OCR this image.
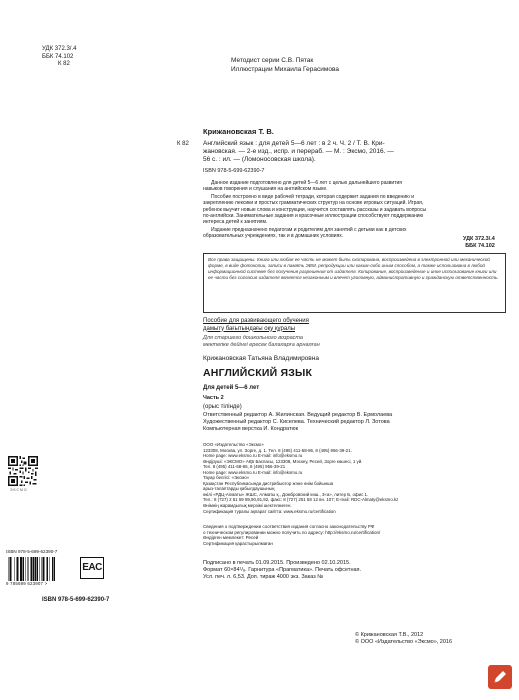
УДК 372.3/.4
ББК 74.102
К 82	Методист серии С.В. Пятак
Иллюстрации Михаила Герасимова
К 82
Крижановская Т. В.
Английский язык : для детей 5—6 лет : в 2 ч. Ч. 2 / Т. В. Кри-
жановская. — 2-е изд., испр. и перераб. — М. : Эксмо, 2016. —
56 с. : ил. — (Ломоносовская школа).
ISBN 978-5-699-62390-7
Данное издание подготовлено для детей 5—6 лет с целью дальнейшего развития
навыков говорения и слушания на английском языке.
Пособие построено в виде рабочей тетради, которая содержит задания по введению и
закреплению лексики и простых грамматических структур на основе игровых ситуаций. Играя,
ребенок выучит новые слова и конструкции, научится составлять рассказы и задавать вопросы
по-английски. Занимательные задания и красочные иллюстрации способствуют поддержанию
интереса детей к занятиям.
Издание предназначено педагогам и родителям для занятий с детьми как в детских
образовательных учреждениях, так и в домашних условиях.	УДК 372.3/.4
ББК 74.102
Все права защищены. Книга или любая ее часть не может быть скопирована, воспроизведена в электронной или механической форме, в виде фотокопии, записи в память ЭВМ, репродукции или каким-либо иным способом, а также использована в любой информационной системе без получения разрешения от издателя. Копирование, воспроизведение и иное использование книги или ее части без согласия издателя является незаконным и влечет уголовную, административную и гражданскую ответственность.
Пособие для развивающего обучения
дамыту бағытындағы оқу құралы
Для старшего дошкольного возраста
мектепке дейінгі ересек балаларға арналған
Крижановская Татьяна Владимировна
АНГЛИЙСКИЙ ЯЗЫК
Для детей 5—6 лет
Часть 2
(орыс тілінде)
Ответственный редактор А. Жилинская. Ведущий редактор В. Ермолаева
Художественный редактор С. Киселева. Технический редактор Л. Зотова
Компьютерная верстка И. Кондратюк
ООО «Издательство «Эксмо»
123308, Москва, ул. Зорге, д. 1. Тел. 8 (495) 411-68-86, 8 (495) 956-39-21.
Home page: www.eksmo.ru E-mail: info@eksmo.ru
Өндіруші: «ЭКСМО» АҚБ Баспасы, 123308, Мәскеу, Ресей, Зорге көшесі, 1 үй.
Тел. 8 (495) 411-68-86, 8 (495) 956-39-21
Home page: www.eksmo.ru E-mail: info@eksmo.ru
Тауар белгісі: «Эксмо»
Қазақстан Республикасында дистрибьютор және өнім бойынша
арыз-талаптарды қабылдаушының
өкілі «РДЦ-Алматы» ЖШС, Алматы қ., Домбровский көш., 3«а», литер Б, офис 1.
Тел.: 8 (727) 2 51 59 89,90,91,92, факс: 8 (727) 251 58 12 вн. 107; E-mail: RDC-Almaty@eksmo.kz
Өнімнің жарамдылық мерзімі шектелмеген.
Сертификация туралы ақпарат сайтта: www.eksmo.ru/certification
Сведения о подтверждении соответствия издания согласно законодательству РФ
о техническом регулировании можно получить по адресу: http://eksmo.ru/certification/
Өндірген мемлекет: Ресей
Сертификация қарастырылмаған
Подписано в печать 01.09.2015. Произведено 02.10.2015.
Формат 60×84¹/₈. Гарнитура «Прагматика». Печать офсетная.
Усл. печ. л. 6,53. Доп. тираж 4000 экз. Заказ №
ЭКСМО
ISBN 978-5-699-62390-7
9 785699 623907 >
EAC
ISBN 978-5-699-62390-7
© Крижановская Т.В., 2012
© ООО «Издательство «Эксмо», 2016
